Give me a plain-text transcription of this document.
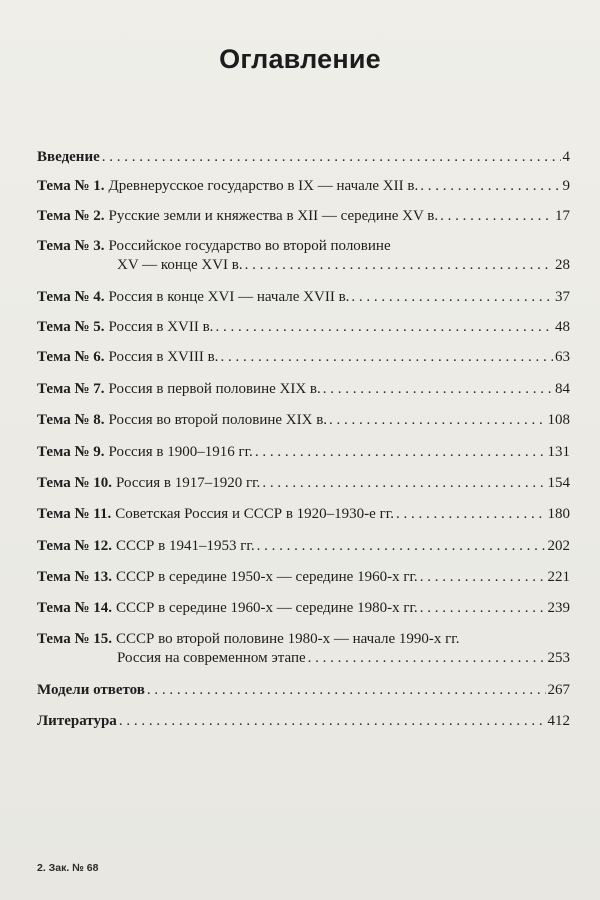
Оглавление
Введение . . .	4
Тема № 1. Древнерусское государство в IX — начале XII в. . . .	9
Тема № 2. Русские земли и княжества в XII — середине XV в. . . .	17
Тема № 3. Российское государство во второй половине
XV — конце XVI в. . . .	28
Тема № 4. Россия в конце XVI — начале XVII в. . . .	37
Тема № 5. Россия в XVII в. . . .	48
Тема № 6. Россия в XVIII в. . . .	63
Тема № 7. Россия в первой половине XIX в. . . .	84
Тема № 8. Россия во второй половине XIX в. . . .	108
Тема № 9. Россия в 1900–1916 гг. . . .	131
Тема № 10. Россия в 1917–1920 гг. . . .	154
Тема № 11. Советская Россия и СССР в 1920–1930-е гг. . . .	180
Тема № 12. СССР в 1941–1953 гг. . . .	202
Тема № 13. СССР в середине 1950-х — середине 1960-х гг. . . .	221
Тема № 14. СССР в середине 1960-х — середине 1980-х гг. . . .	239
Тема № 15. СССР во второй половине 1980-х — начале 1990-х гг.
Россия на современном этапе . . .	253
Модели ответов . . .	267
Литература . . .	412
2. Зак. № 68
